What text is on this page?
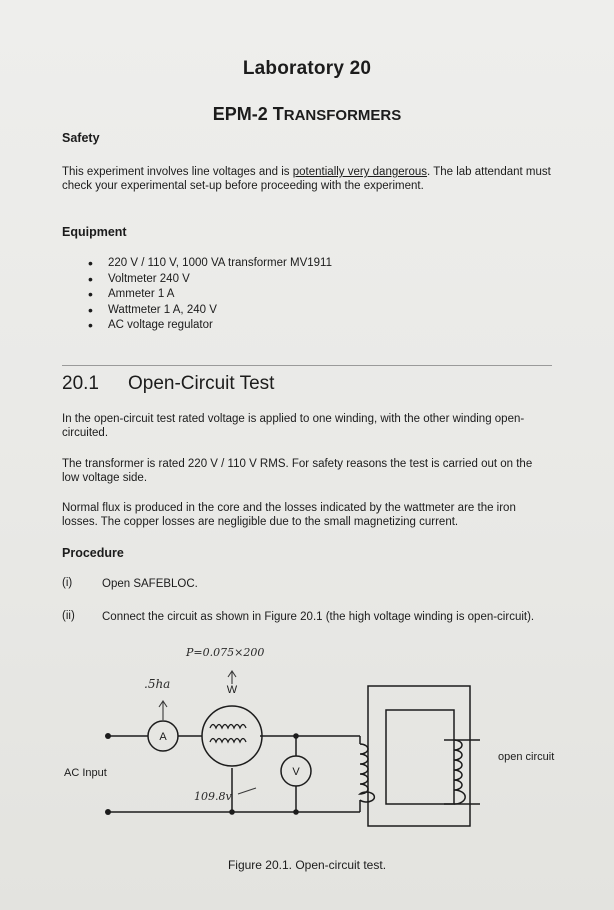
Laboratory 20
EPM-2 TRANSFORMERS
Safety
This experiment involves line voltages and is potentially very dangerous. The lab attendant must check your experimental set-up before proceeding with the experiment.
Equipment
• 220 V / 110 V, 1000 VA transformer MV1911
• Voltmeter 240 V
• Ammeter 1 A
• Wattmeter 1 A, 240 V
• AC voltage regulator
20.1 Open-Circuit Test
In the open-circuit test rated voltage is applied to one winding, with the other winding open-circuited.
The transformer is rated 220 V / 110 V RMS. For safety reasons the test is carried out on the low voltage side.
Normal flux is produced in the core and the losses indicated by the wattmeter are the iron losses. The copper losses are negligible due to the small magnetizing current.
Procedure
(i)	Open SAFEBLOC.
(ii) Connect the circuit as shown in Figure 20.1 (the high voltage winding is open-circuit).
A
W
V
AC Input
open circuit
.5ha
P=0.075×200
109.8v
Figure 20.1. Open-circuit test.
